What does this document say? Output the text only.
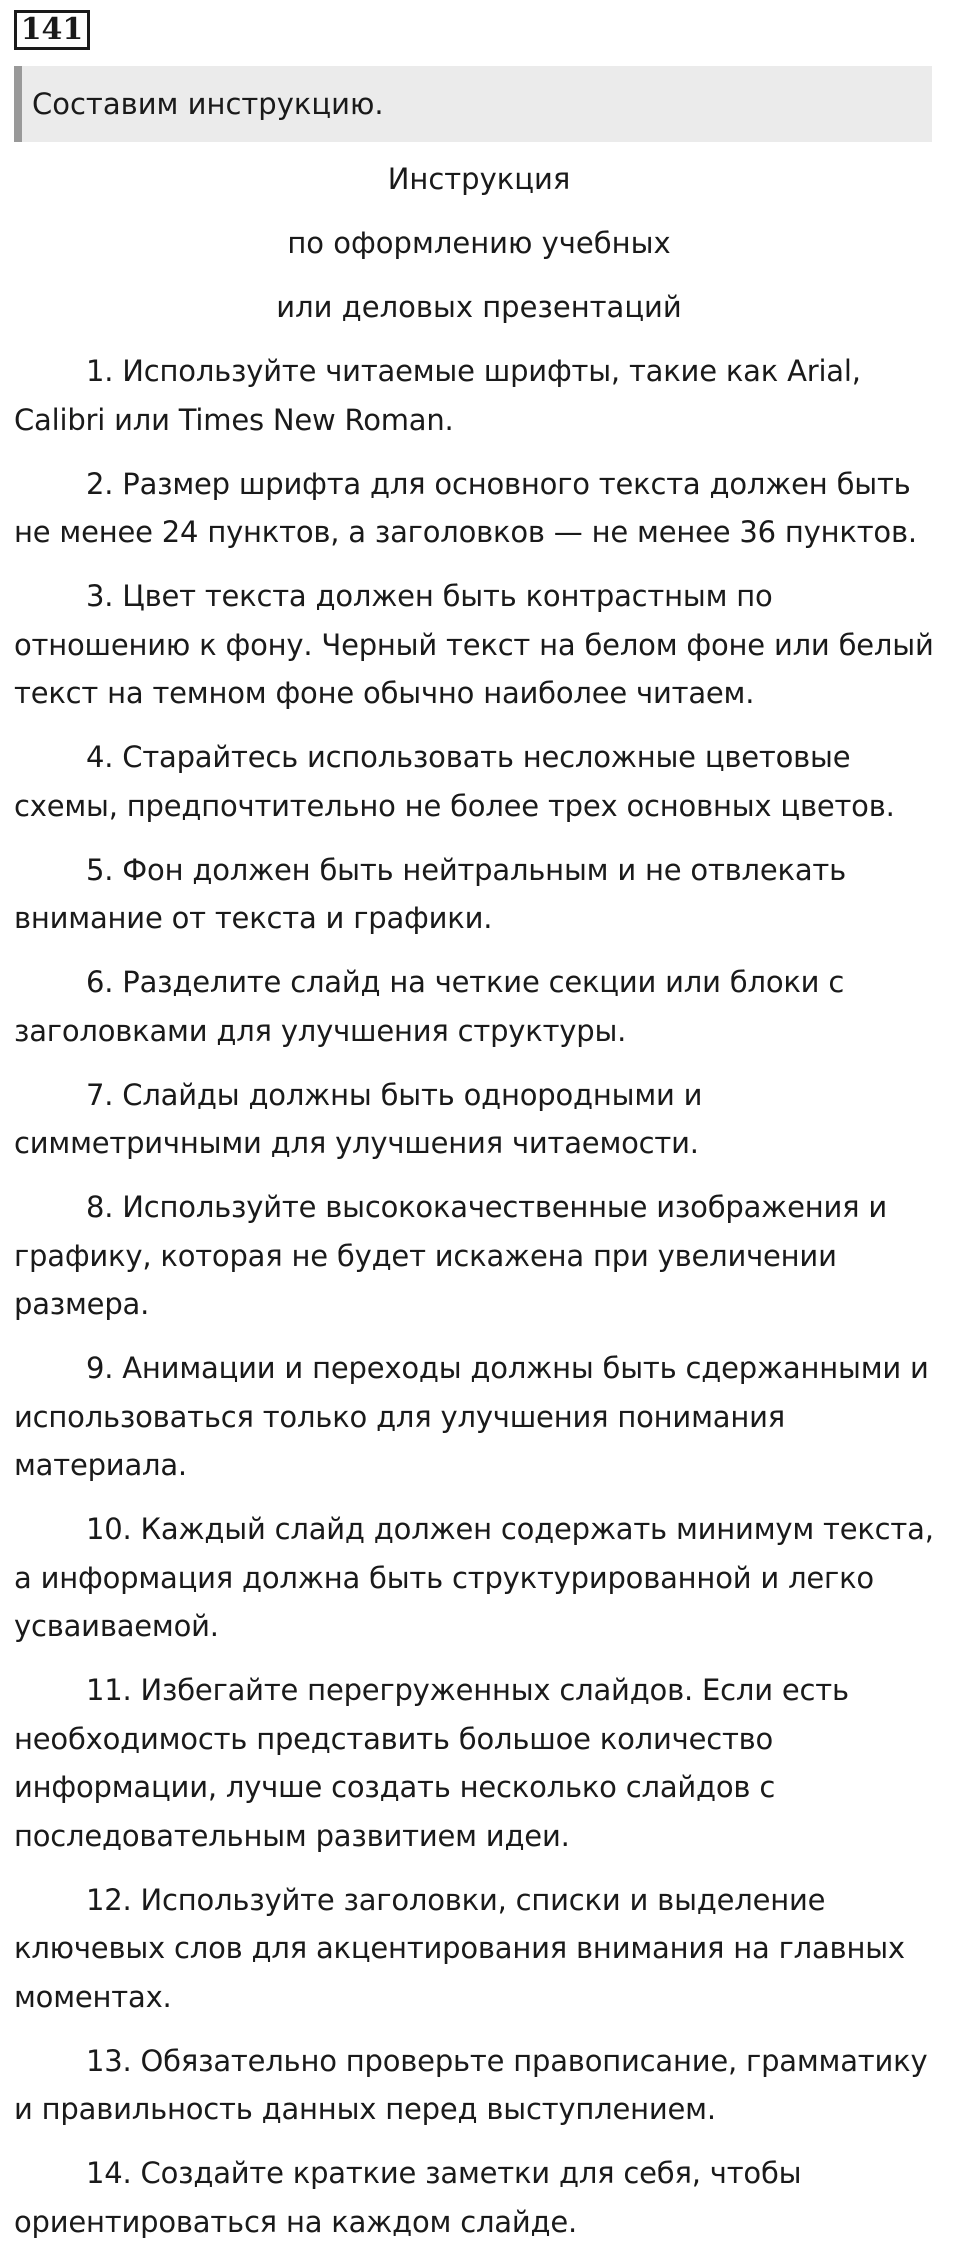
141
Составим инструкцию.

Инструкция

по оформлению учебных

или деловых презентаций

1. Используйте читаемые шрифты, такие как Arial, Calibri или Times New Roman.

2. Размер шрифта для основного текста должен быть не менее 24 пунктов, а заголовков — не менее 36 пунктов.

3. Цвет текста должен быть контрастным по отношению к фону. Черный текст на белом фоне или белый текст на темном фоне обычно наиболее читаем.

4. Старайтесь использовать несложные цветовые схемы, предпочтительно не более трех основных цветов.

5. Фон должен быть нейтральным и не отвлекать внимание от текста и графики.

6. Разделите слайд на четкие секции или блоки с заголовками для улучшения структуры.

7. Слайды должны быть однородными и симметричными для улучшения читаемости.

8. Используйте высококачественные изображения и графику, которая не будет искажена при увеличении размера.

9. Анимации и переходы должны быть сдержанными и использоваться только для улучшения понимания материала.

10. Каждый слайд должен содержать минимум текста, а информация должна быть структурированной и легко усваиваемой.

11. Избегайте перегруженных слайдов. Если есть необходимость представить большое количество информации, лучше создать несколько слайдов с последовательным развитием идеи.

12. Используйте заголовки, списки и выделение ключевых слов для акцентирования внимания на главных моментах.

13. Обязательно проверьте правописание, грамматику и правильность данных перед выступлением.

14. Создайте краткие заметки для себя, чтобы ориентироваться на каждом слайде.
